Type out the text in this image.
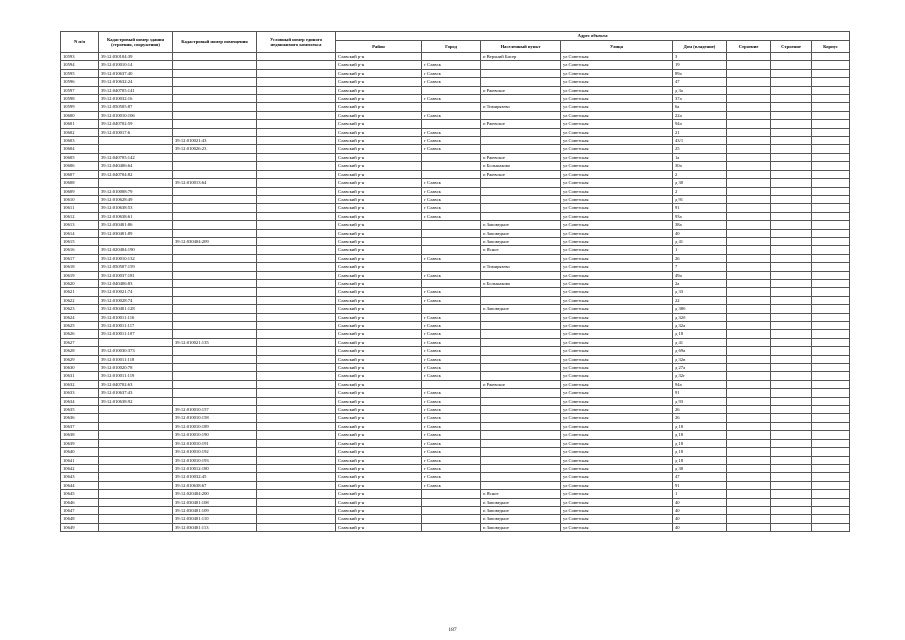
N п/п	Кадастровый номер здания (строения, сооружения)	Кадастровый номер помещения	Условный номер единого недвижимого комплекса	Адрес объекта							
				Район	Город	Населенный пункт	Улица	Дом (владение)	Строение	Строение	Корпус
10593	39:12:030104:39			Славский р-н		п Верхний Бисер	ул Советская	3			
10594	39:12:010010:14			Славский р-н	г Славск		ул Советская	19			
10595	39:12:010637:40			Славский р-н	г Славск		ул Советская	89а			
10596	39:12:010632:24			Славский р-н	г Славск		ул Советская	47			
10597	39:12:040705:141			Славский р-н		п Ржевское	ул Советская	д 3а			
10598	39:12:010032:16			Славский р-н	г Славск		ул Советская	37а			
10599	39:12:050505:87			Славский р-н		п Тимирязево	ул Советская	6а			
10600	39:12:010010:106			Славский р-н	г Славск		ул Советская	22а			
10601	39:12:040702:59			Славский р-н		п Ржевское	ул Советская	94а			
10602	39:12:010017:6			Славский р-н	г Славск		ул Советская	21			
10603		39:12:010021:43		Славский р-н	г Славск		ул Советская	43/1			
10604		39:12:010026:23		Славский р-н	г Славск		ул Советская	25			
10605	39:12:040705:142			Славский р-н		п Ржевское	ул Советская	1а			
10606	39:12:040406:64			Славский р-н		п Большаково	ул Советская	30а			
10607	39:12:040704:82			Славский р-н		п Ржевское	ул Советская	2			
10608		39:12:010013:64		Славский р-н	г Славск		ул Советская	д 30			
10609	39:12:010008:79			Славский р-н	г Славск		ул Советская	2			
10610	39:12:010628:49			Славский р-н	г Славск		ул Советская	д 91			
10611	39:12:010638:53			Славский р-н	г Славск		ул Советская	91			
10612	39:12:010638:61			Славский р-н	г Славск		ул Советская	93а			
10613	39:12:030401:86			Славский р-н		п Заповедное	ул Советская	38а			
10614	39:12:030401:89			Славский р-н		п Заповедное	ул Советская	40			
10615		39:12:030404:209		Славский р-н		п Заповедное	ул Советская	д 41			
10616	39:12:020404:190			Славский р-н		п Ясное	ул Советская	1			
10617	39:12:010010:132			Славский р-н	г Славск		ул Советская	26			
10618	39:12:050507:159			Славский р-н		п Тимирязево	ул Советская	7			
10619	39:12:010037:181			Славский р-н	г Славск		ул Советская	49а			
10620	39:12:040406:83			Славский р-н		п Большаково	ул Советская	2а			
10621	39:12:010021:74			Славский р-н	г Славск		ул Советская	д 33			
10622	39:12:010028:74			Славский р-н	г Славск		ул Советская	22			
10623	39:12:030401:128			Славский р-н		п Заповедное	ул Советская	д 38б			
10624	39:12:010011:116			Славский р-н	г Славск		ул Советская	д 32б			
10625	39:12:010011:117			Славский р-н	г Славск		ул Советская	д 32а			
10626	39:12:010011:107			Славский р-н	г Славск		ул Советская	д 18			
10627		39:12:010021:135		Славский р-н	г Славск		ул Советская	д 41			
10628	39:12:010030:373			Славский р-н	г Славск		ул Советская	д 69а			
10629	39:12:010011:118			Славский р-н	г Славск		ул Советская	д 32в			
10630	39:12:010020:78			Славский р-н	г Славск		ул Советская	д 27а			
10631	39:12:010011:119			Славский р-н	г Славск		ул Советская	д 32г			
10632	39:12:040702:63			Славский р-н		п Ржевское	ул Советская	94а			
10633	39:12:010637:43			Славский р-н	г Славск		ул Советская	91			
10634	39:12:010638:92			Славский р-н	г Славск		ул Советская	д 93			
10635		39:12:010010:157		Славский р-н	г Славск		ул Советская	26			
10636		39:12:010010:158		Славский р-н	г Славск		ул Советская	26			
10637		39:12:010010:189		Славский р-н	г Славск		ул Советская	д 18			
10638		39:12:010010:190		Славский р-н	г Славск		ул Советская	д 18			
10639		39:12:010010:191		Славский р-н	г Славск		ул Советская	д 18			
10640		39:12:010010:192		Славский р-н	г Славск		ул Советская	д 18			
10641		39:12:010010:193		Славский р-н	г Славск		ул Советская	д 18			
10642		39:12:010012:180		Славский р-н	г Славск		ул Советская	д 38			
10643		39:12:010032:45		Славский р-н	г Славск		ул Советская	47			
10644		39:12:010638:67		Славский р-н	г Славск		ул Советская	91			
10645		39:12:020404:200		Славский р-н		п Ясное	ул Советская	1			
10646		39:12:030401:108		Славский р-н		п Заповедное	ул Советская	40			
10647		39:12:030401:109		Славский р-н		п Заповедное	ул Советская	40			
10648		39:12:030401:110		Славский р-н		п Заповедное	ул Советская	40			
10649		39:12:030401:113		Славский р-н		п Заповедное	ул Советская	40			
187
